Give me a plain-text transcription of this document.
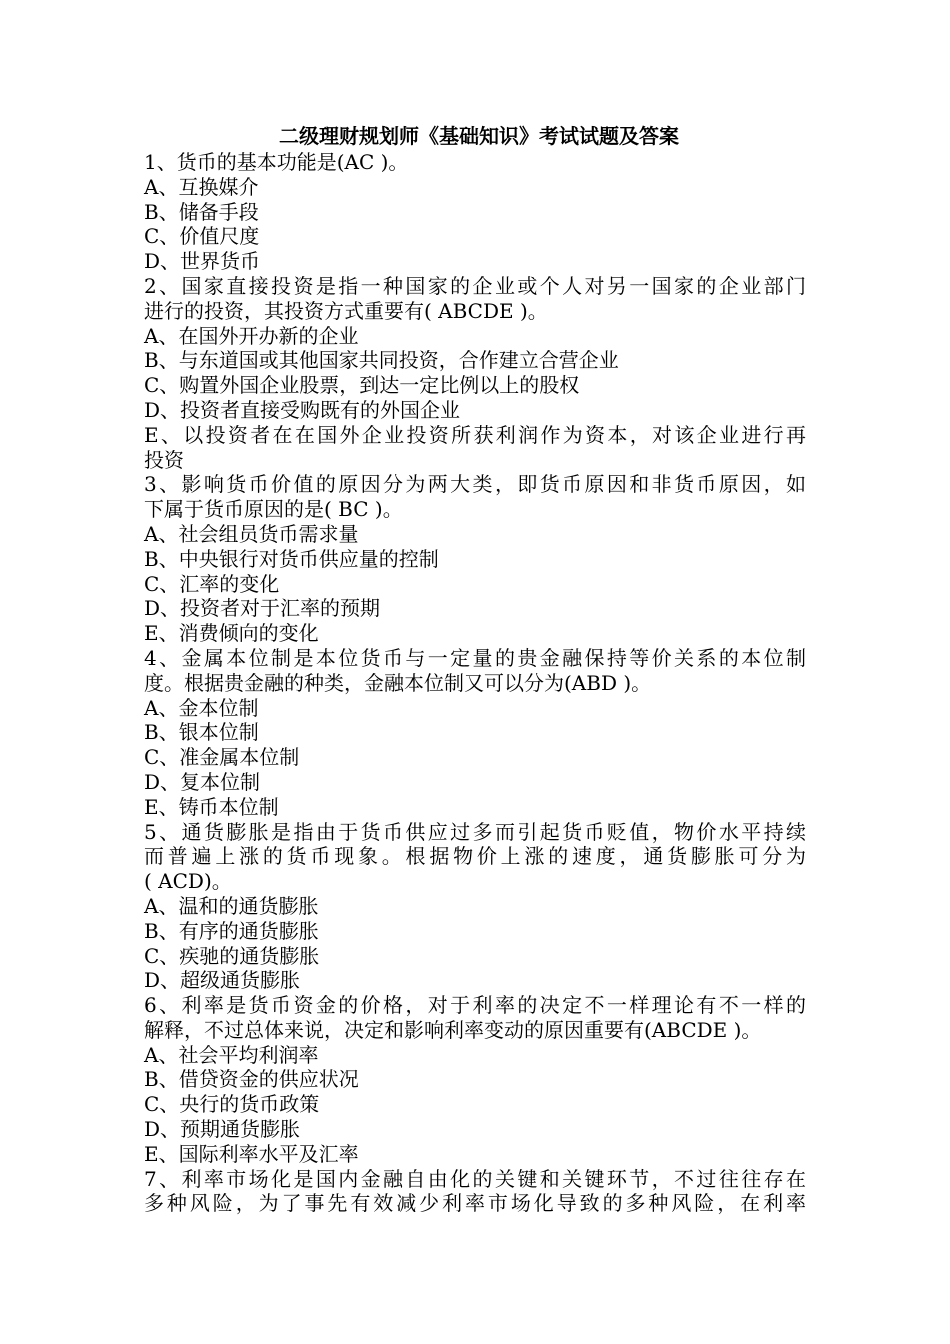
二级理财规划师《基础知识》考试试题及答案

1、货币的基本功能是(AC )。

A、互换媒介

B、储备手段

C、价值尺度

D、世界货币

2、国家直接投资是指一种国家的企业或个人对另一国家的企业部门

进行的投资，其投资方式重要有( ABCDE )。

A、在国外开办新的企业

B、与东道国或其他国家共同投资，合作建立合营企业

C、购置外国企业股票，到达一定比例以上的股权

D、投资者直接受购既有的外国企业

E、以投资者在在国外企业投资所获利润作为资本，对该企业进行再

投资

3、影响货币价值的原因分为两大类，即货币原因和非货币原因，如

下属于货币原因的是( BC )。

A、社会组员货币需求量

B、中央银行对货币供应量的控制

C、汇率的变化

D、投资者对于汇率的预期

E、消费倾向的变化

4、金属本位制是本位货币与一定量的贵金融保持等价关系的本位制

度。根据贵金融的种类，金融本位制又可以分为(ABD )。

A、金本位制

B、银本位制

C、准金属本位制

D、复本位制

E、铸币本位制

5、通货膨胀是指由于货币供应过多而引起货币贬值，物价水平持续

而普遍上涨的货币现象。根据物价上涨的速度，通货膨胀可分为

( ACD)。

A、温和的通货膨胀

B、有序的通货膨胀

C、疾驰的通货膨胀

D、超级通货膨胀

6、利率是货币资金的价格，对于利率的决定不一样理论有不一样的

解释，不过总体来说，决定和影响利率变动的原因重要有(ABCDE )。

A、社会平均利润率

B、借贷资金的供应状况

C、央行的货币政策

D、预期通货膨胀

E、国际利率水平及汇率

7、利率市场化是国内金融自由化的关键和关键环节，不过往往存在

多种风险，为了事先有效减少利率市场化导致的多种风险，在利率
